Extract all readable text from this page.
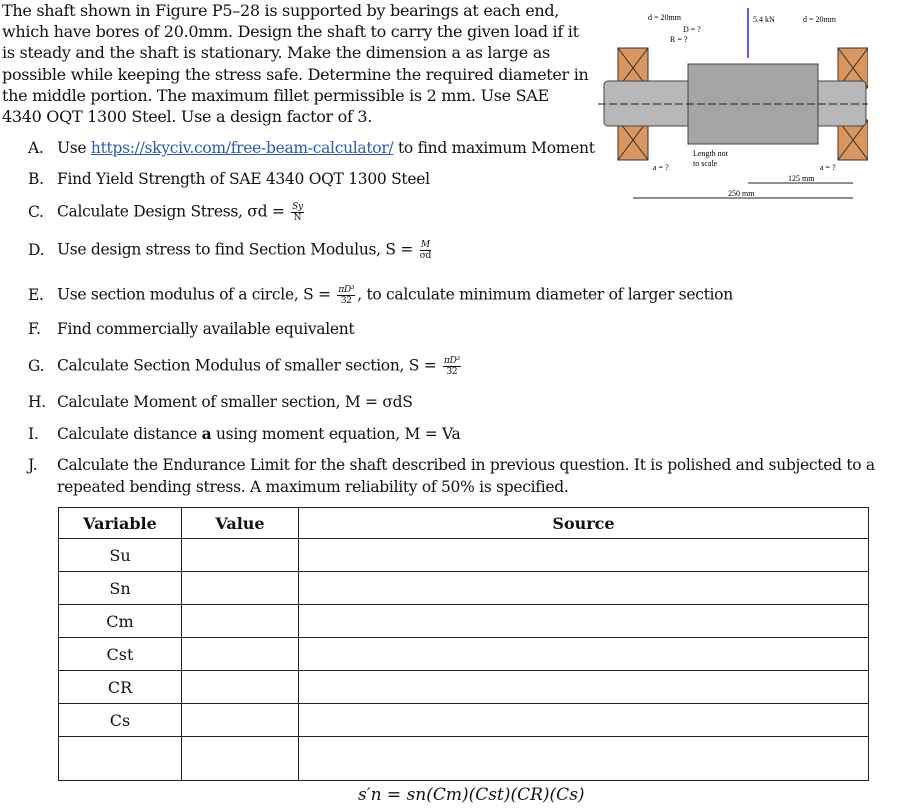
The shaft shown in Figure P5–28 is supported by bearings at each end, which have bores of 20.0mm. Design the shaft to carry the given load if it is steady and the shaft is stationary. Make the dimension a as large as possible while keeping the stress safe. Determine the required diameter in the middle portion. The maximum fillet permissible is 2 mm. Use SAE 4340 OQT 1300 Steel. Use a design factor of 3.
d = 20mm
D = ?
R = ?
5.4 kN	d = 20mm
Length not
to scale
a = ?	a = ?
125 mm
250 mm
A. Use https://skyciv.com/free-beam-calculator/ to find maximum Moment
B. Find Yield Strength of SAE 4340 OQT 1300 Steel
C. Calculate Design Stress, $\sigma d = \frac{Sy}{N}$
D. Use design stress to find Section Modulus, $S = \frac{M}{\sigma d}$
E. Use section modulus of a circle, $S = \frac{\text{πD³}}{32}$ , to calculate minimum diameter of larger section
F. Find commercially available equivalent
G. Calculate Section Modulus of smaller section, $S = \frac{\text{πD³}}{32}$
H. Calculate Moment of smaller section, M = σdS
I. Calculate distance a using moment equation, M = Va
J. Calculate the Endurance Limit for the shaft described in previous question. It is polished and subjected to a
repeated bending stress. A maximum reliability of 50% is specified.
Variable	Value	Source
Su		
Sn		
Cm		
Cst		
CR		
Cs		

s′n = sn(Cm)(Cst)(CR)(Cs)
